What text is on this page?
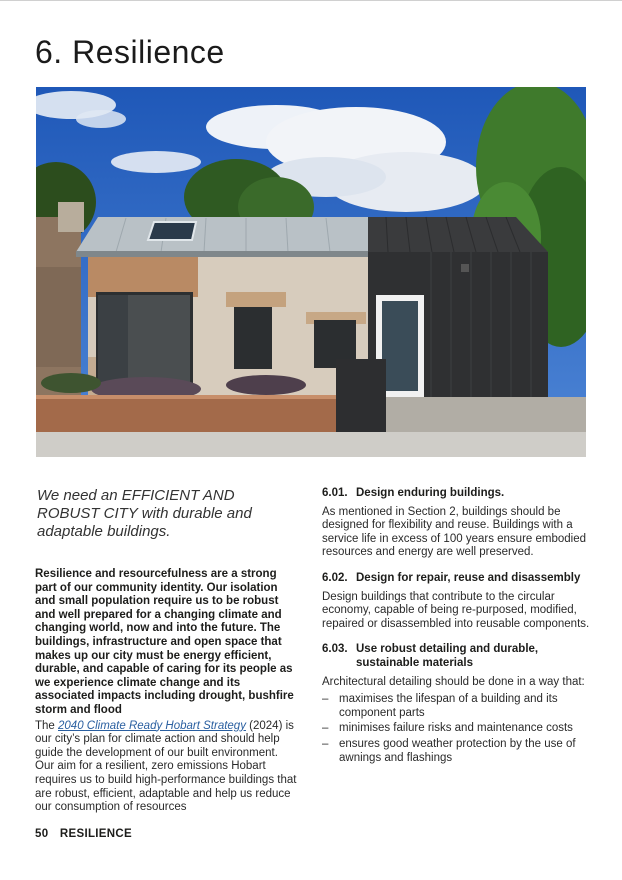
6. Resilience

We need an EFFICIENT AND ROBUST CITY with durable and adaptable buildings.

Resilience and resourcefulness are a strong part of our community identity. Our isolation and small population require us to be robust and well prepared for a changing climate and changing world, now and into the future. The buildings, infrastructure and open space that makes up our city must be energy efficient, durable, and capable of caring for its people as we experience climate change and its associated impacts including drought, bushfire storm and flood

The 2040 Climate Ready Hobart Strategy (2024) is our city’s plan for climate action and should help guide the development of our built environment. Our aim for a resilient, zero emissions Hobart requires us to build high-performance buildings that are robust, efficient, adaptable and help us reduce our consumption of resources

6.01. Design enduring buildings.

As mentioned in Section 2, buildings should be designed for flexibility and reuse. Buildings with a service life in excess of 100 years ensure embodied resources and energy are well preserved.

6.02. Design for repair, reuse and disassembly

Design buildings that contribute to the circular economy, capable of being re-purposed, modified, repaired or disassembled into reusable components.

6.03. Use robust detailing and durable, sustainable materials

Architectural detailing should be done in a way that:

– maximises the lifespan of a building and its component parts
– minimises failure risks and maintenance costs
– ensures good weather protection by the use of awnings and flashings
50 RESILIENCE
